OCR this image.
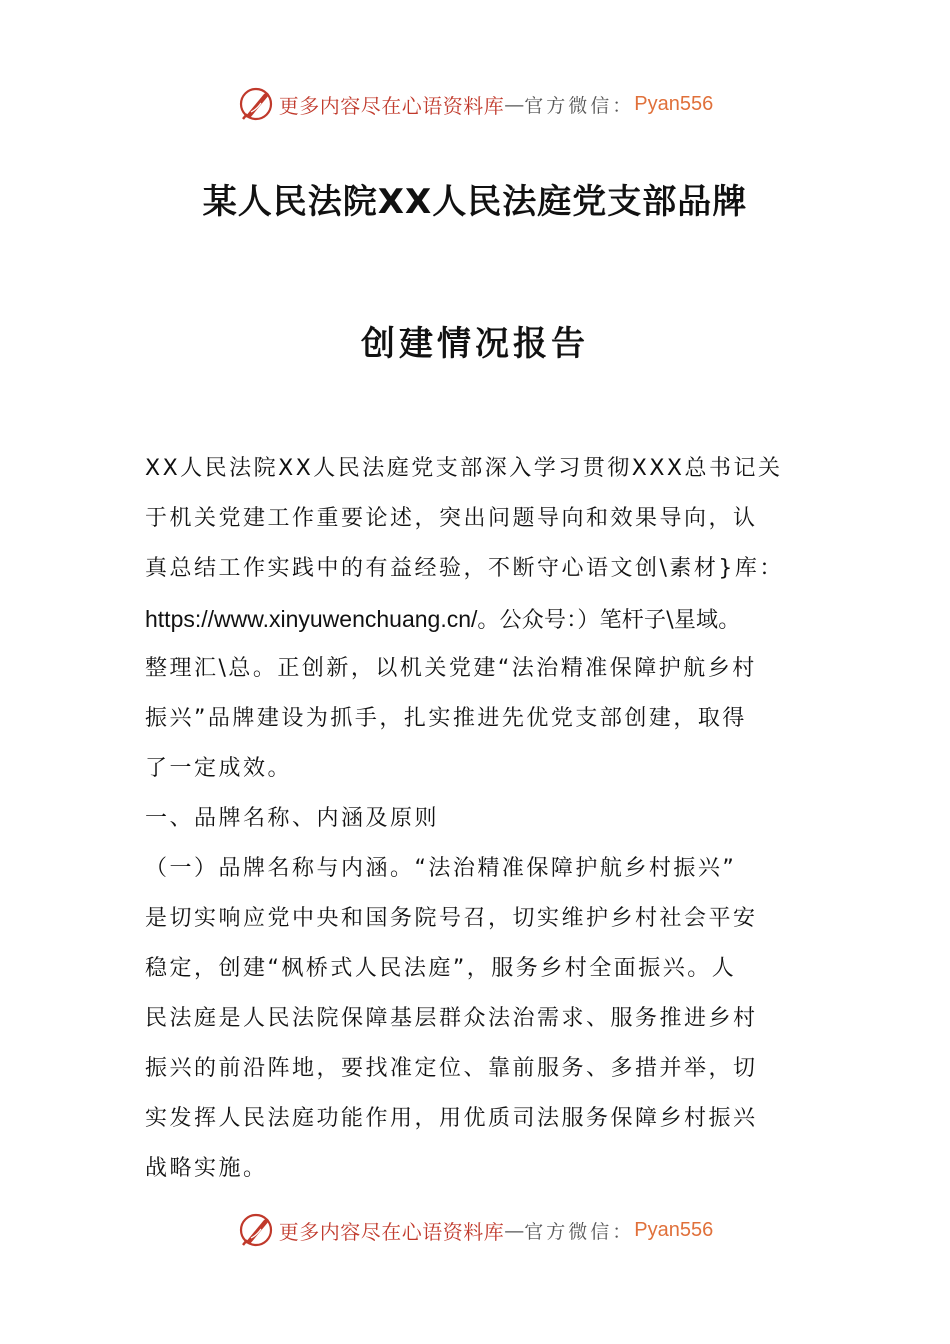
更多内容尽在心语资料库 — 官方微信： Pyan556
某人民法院XX人民法庭党支部品牌
创建情况报告
XX人民法院XX人民法庭党支部深入学习贯彻XXX总书记关
于机关党建工作重要论述，突出问题导向和效果导向，认
真总结工作实践中的有益经验，不断守心语文创\素材}库：
https://www.xinyuwenchuang.cn/。公众号：）笔杆子\星域。
整理汇\总。正创新，以机关党建“法治精准保障护航乡村
振兴”品牌建设为抓手，扎实推进先优党支部创建，取得
了一定成效。
一、品牌名称、内涵及原则
（一）品牌名称与内涵。“法治精准保障护航乡村振兴”
是切实响应党中央和国务院号召，切实维护乡村社会平安
稳定，创建“枫桥式人民法庭”，服务乡村全面振兴。人
民法庭是人民法院保障基层群众法治需求、服务推进乡村
振兴的前沿阵地，要找准定位、靠前服务、多措并举，切
实发挥人民法庭功能作用，用优质司法服务保障乡村振兴
战略实施。
更多内容尽在心语资料库 — 官方微信： Pyan556
